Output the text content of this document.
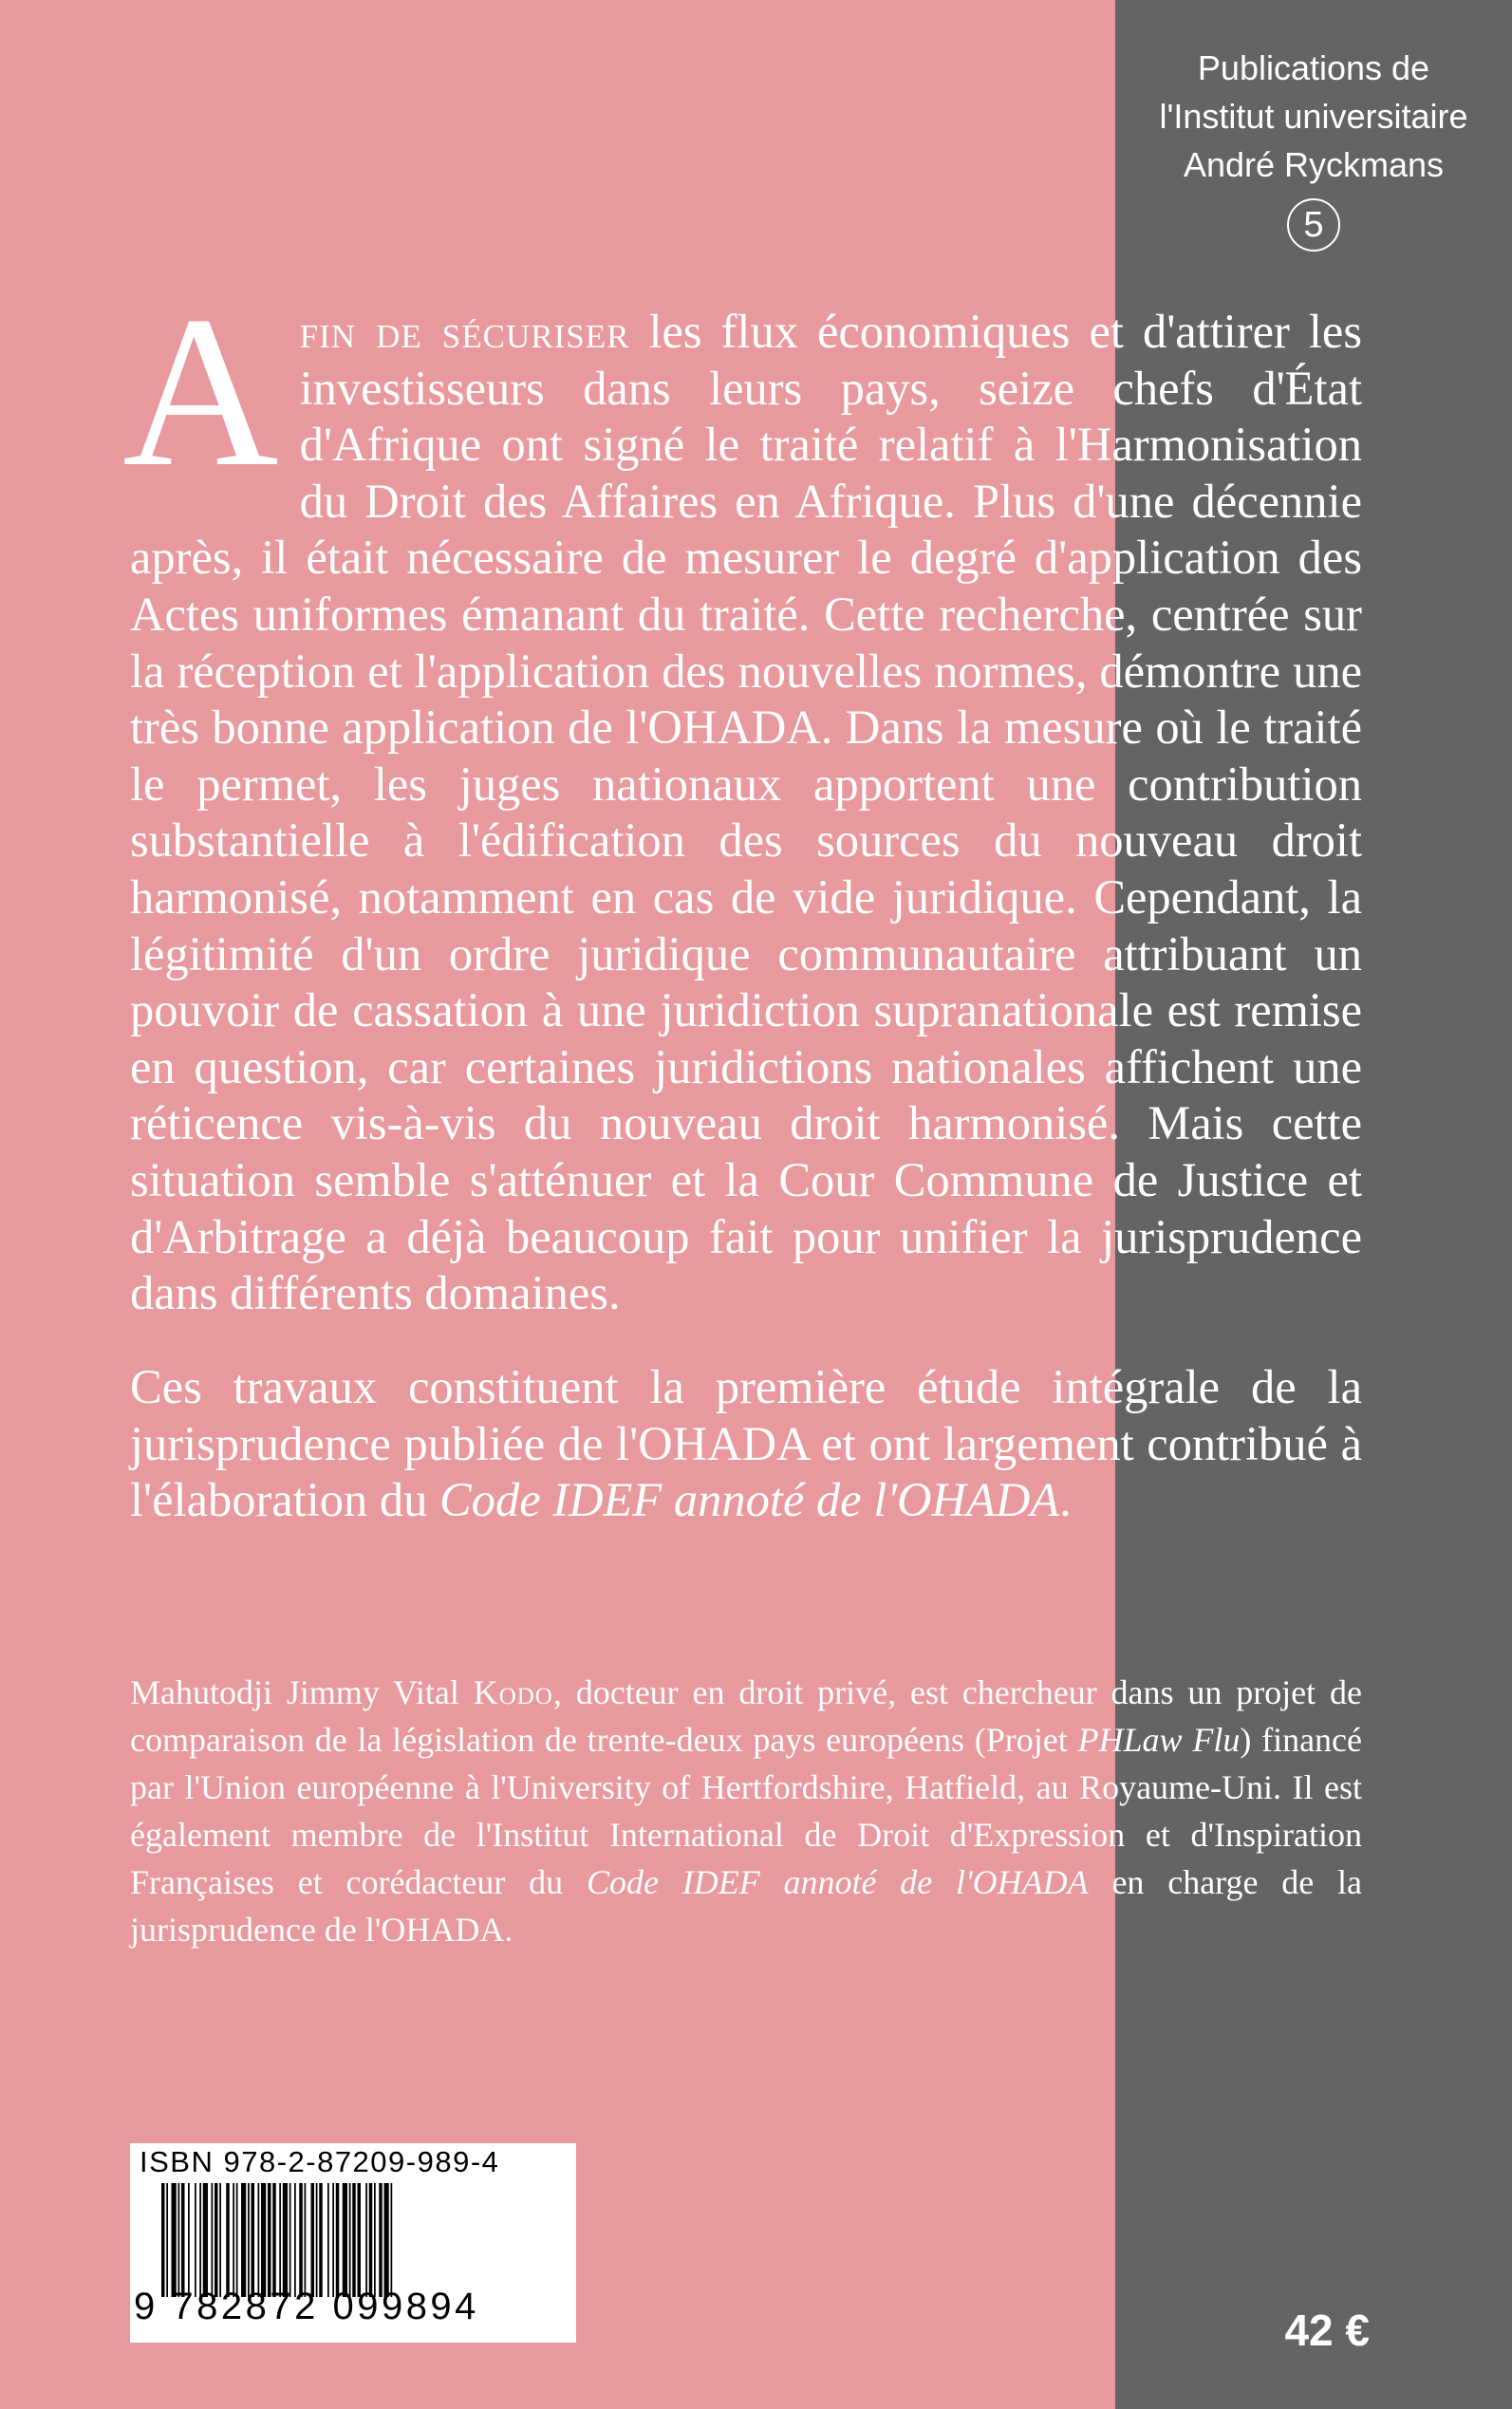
Publications de
l'Institut universitaire
André Ryckmans
5
Afin de sécuriser les flux économiques et d'attirer les investisseurs dans leurs pays, seize chefs d'État d'Afrique ont signé le traité relatif à l'Harmonisation du Droit des Affaires en Afrique. Plus d'une décennie après, il était nécessaire de mesurer le degré d'application des Actes uniformes émanant du traité. Cette recherche, centrée sur la réception et l'application des nouvelles normes, démontre une très bonne application de l'OHADA. Dans la mesure où le traité le permet, les juges nationaux apportent une contribution substantielle à l'édification des sources du nouveau droit harmonisé, notamment en cas de vide juridique. Cependant, la légitimité d'un ordre juridique communautaire attribuant un pouvoir de cassation à une juridiction supranationale est remise en question, car certaines juridictions nationales affichent une réticence vis-à-vis du nouveau droit harmonisé. Mais cette situation semble s'atténuer et la Cour Commune de Justice et d'Arbitrage a déjà beaucoup fait pour unifier la jurisprudence dans différents domaines.
Ces travaux constituent la première étude intégrale de la jurisprudence publiée de l'OHADA et ont largement contribué à l'élaboration du Code IDEF annoté de l'OHADA.
Mahutodji Jimmy Vital Kodo, docteur en droit privé, est chercheur dans un projet de comparaison de la législation de trente-deux pays européens (Projet PHLaw Flu) financé par l'Union européenne à l'University of Hertfordshire, Hatfield, au Royaume-Uni. Il est également membre de l'Institut International de Droit d'Expression et d'Inspiration Françaises et corédacteur du Code IDEF annoté de l'OHADA en charge de la jurisprudence de l'OHADA.
ISBN 978-2-87209-989-4
9 782872 099894	42 €
